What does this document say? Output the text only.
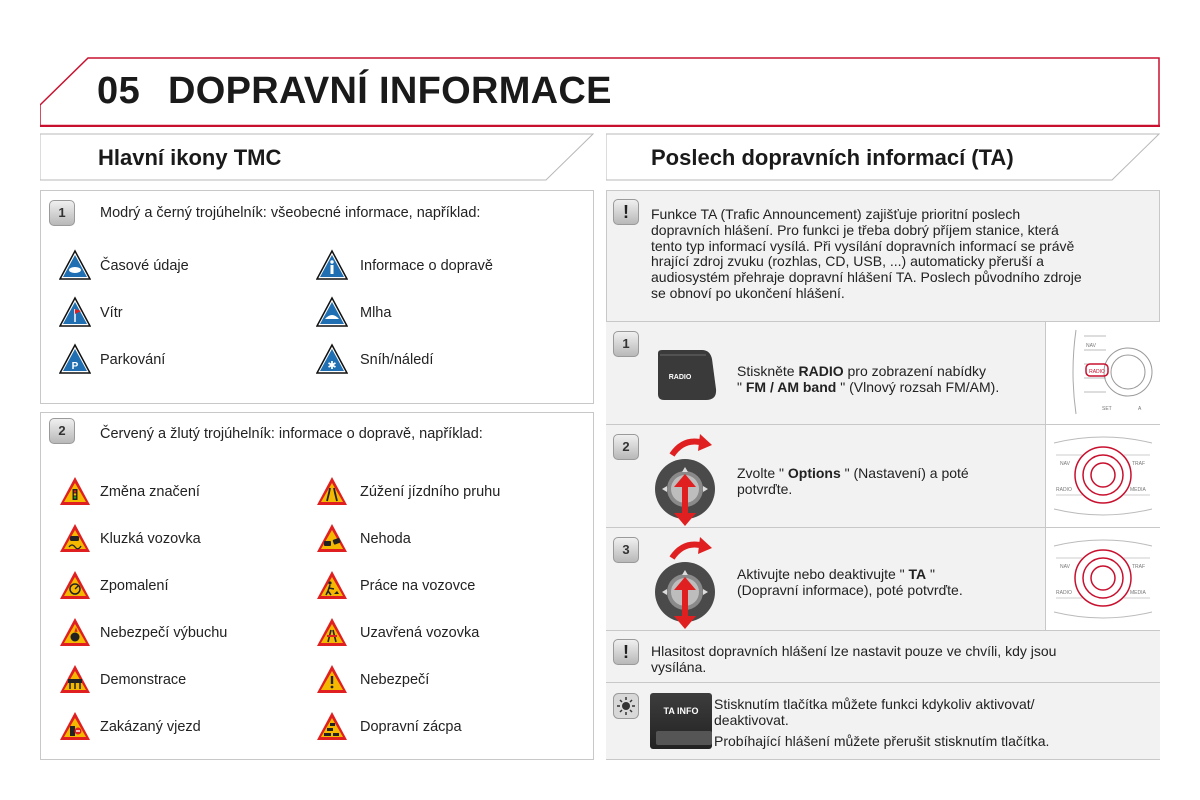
05 DOPRAVNÍ INFORMACE
Hlavní ikony TMC	Poslech dopravních informací (TA)
1	Modrý a černý trojúhelník: všeobecné informace, například:
Časové údaje	Informace o dopravě
Vítr	Mlha
P Parkování	✱ Sníh/náledí
2	Červený a žlutý trojúhelník: informace o dopravě, například:
Změna značení	Zúžení jízdního pruhu
Kluzká vozovka	Nehoda
Zpomalení	Práce na vozovce
Nebezpečí výbuchu	Uzavřená vozovka
Demonstrace	Nebezpečí
Zakázaný vjezd	Dopravní zácpa
!	Funkce TA (Trafic Announcement) zajišťuje prioritní poslech
dopravních hlášení. Pro funkci je třeba dobrý příjem stanice, která
tento typ informací vysílá. Při vysílání dopravních informací se právě
hrající zdroj zvuku (rozhlas, CD, USB, ...) automaticky přeruší a
audiosystém přehraje dopravní hlášení TA. Poslech původního zdroje
se obnoví po ukončení hlášení.
1
RADIO	Stiskněte RADIO pro zobrazení nabídky
" FM / AM band " (Vlnový rozsah FM/AM).
RADIO
NAV
SET	A
2
Zvolte " Options " (Nastavení) a poté
potvrďte.
NAV	TRAF
RADIO	MEDIA
3
Aktivujte nebo deaktivujte " TA "
(Dopravní informace), poté potvrďte.
NAV	TRAF
RADIO	MEDIA
!	Hlasitost dopravních hlášení lze nastavit pouze ve chvíli, kdy jsou
vysílána.
TA INFO	Stisknutím tlačítka můžete funkci kdykoliv aktivovat/
deaktivovat.
Probíhající hlášení můžete přerušit stisknutím tlačítka.
